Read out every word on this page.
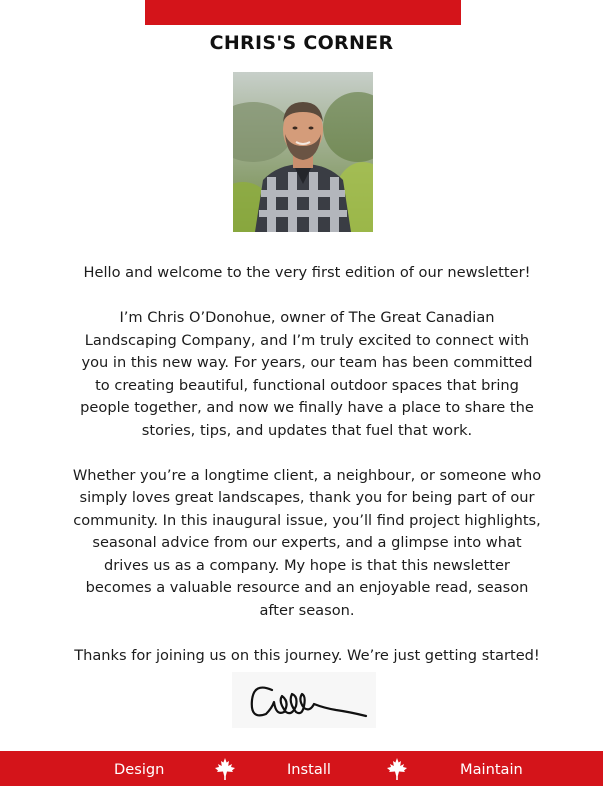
CHRIS'S CORNER

Hello and welcome to the very first edition of our newsletter!

I’m Chris O’Donohue, owner of The Great Canadian Landscaping Company, and I’m truly excited to connect with you in this new way. For years, our team has been committed to creating beautiful, functional outdoor spaces that bring people together, and now we finally have a place to share the stories, tips, and updates that fuel that work.

Whether you’re a longtime client, a neighbour, or someone who simply loves great landscapes, thank you for being part of our community. In this inaugural issue, you’ll find project highlights, seasonal advice from our experts, and a glimpse into what drives us as a company. My hope is that this newsletter becomes a valuable resource and an enjoyable read, season after season.

Thanks for joining us on this journey. We’re just getting started!

Design	Install	Maintain
